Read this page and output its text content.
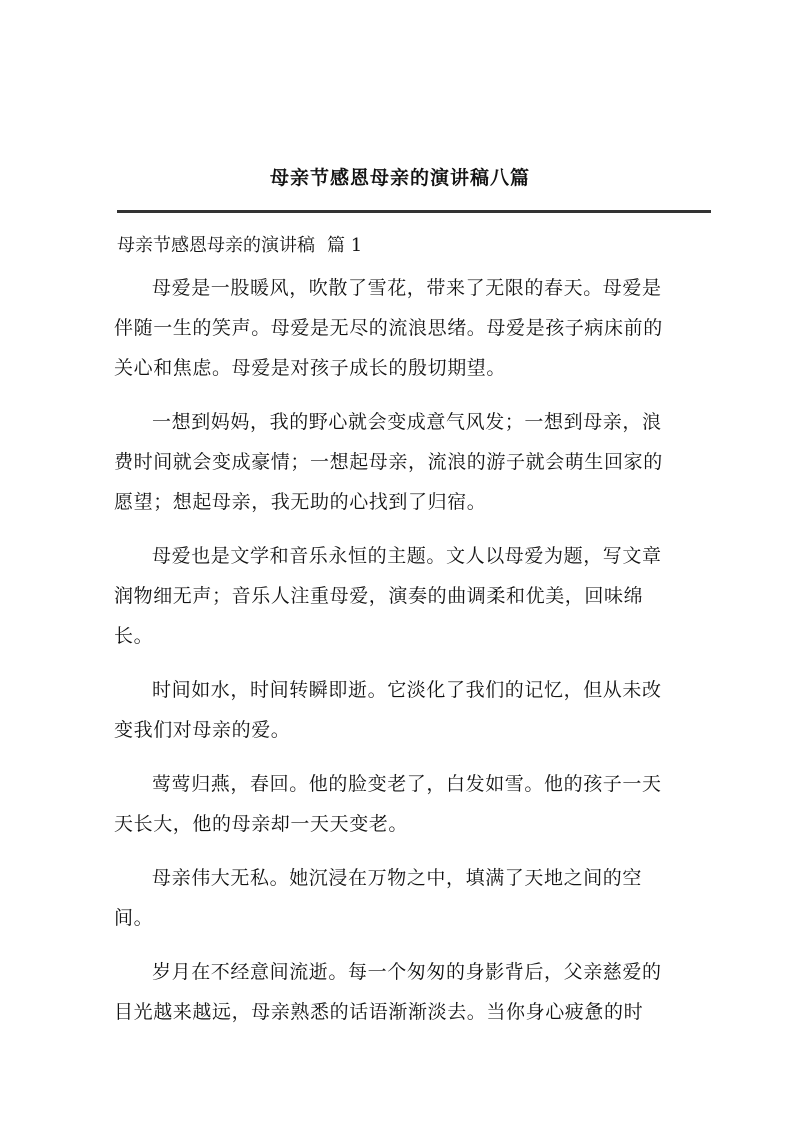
母亲节感恩母亲的演讲稿八篇
母亲节感恩母亲的演讲稿 篇 1

母爱是一股暖风，吹散了雪花，带来了无限的春天。母爱是
伴随一生的笑声。母爱是无尽的流浪思绪。母爱是孩子病床前的
关心和焦虑。母爱是对孩子成长的殷切期望。

一想到妈妈，我的野心就会变成意气风发；一想到母亲，浪
费时间就会变成豪情；一想起母亲，流浪的游子就会萌生回家的
愿望；想起母亲，我无助的心找到了归宿。

母爱也是文学和音乐永恒的主题。文人以母爱为题，写文章
润物细无声；音乐人注重母爱，演奏的曲调柔和优美，回味绵
长。

时间如水，时间转瞬即逝。它淡化了我们的记忆，但从未改
变我们对母亲的爱。

莺莺归燕，春回。他的脸变老了，白发如雪。他的孩子一天
天长大，他的母亲却一天天变老。

母亲伟大无私。她沉浸在万物之中，填满了天地之间的空
间。

岁月在不经意间流逝。每一个匆匆的身影背后，父亲慈爱的
目光越来越远，母亲熟悉的话语渐渐淡去。当你身心疲惫的时
